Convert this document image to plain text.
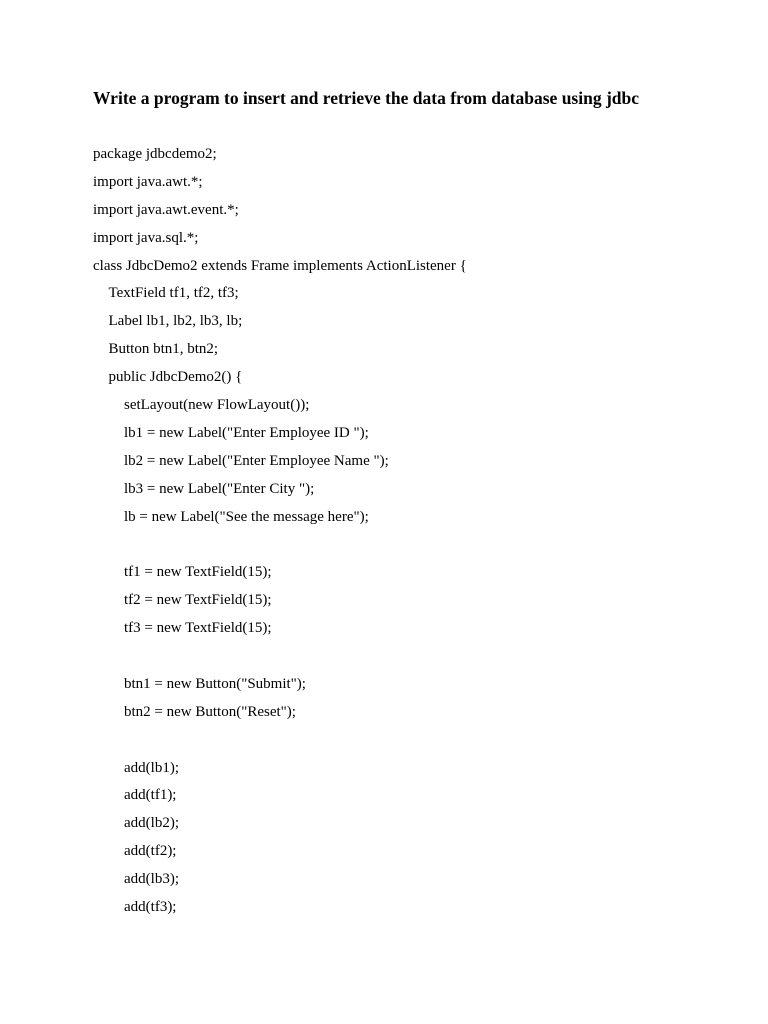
Write a program to insert and retrieve the data from database using jdbc
package jdbcdemo2;
import java.awt.*;
import java.awt.event.*;
import java.sql.*;
class JdbcDemo2 extends Frame implements ActionListener {
TextField tf1, tf2, tf3;
Label lb1, lb2, lb3, lb;
Button btn1, btn2;
public JdbcDemo2() {
setLayout(new FlowLayout());
lb1 = new Label("Enter Employee ID ");
lb2 = new Label("Enter Employee Name ");
lb3 = new Label("Enter City ");
lb = new Label("See the message here");
tf1 = new TextField(15);
tf2 = new TextField(15);
tf3 = new TextField(15);
btn1 = new Button("Submit");
btn2 = new Button("Reset");
add(lb1);
add(tf1);
add(lb2);
add(tf2);
add(lb3);
add(tf3);
